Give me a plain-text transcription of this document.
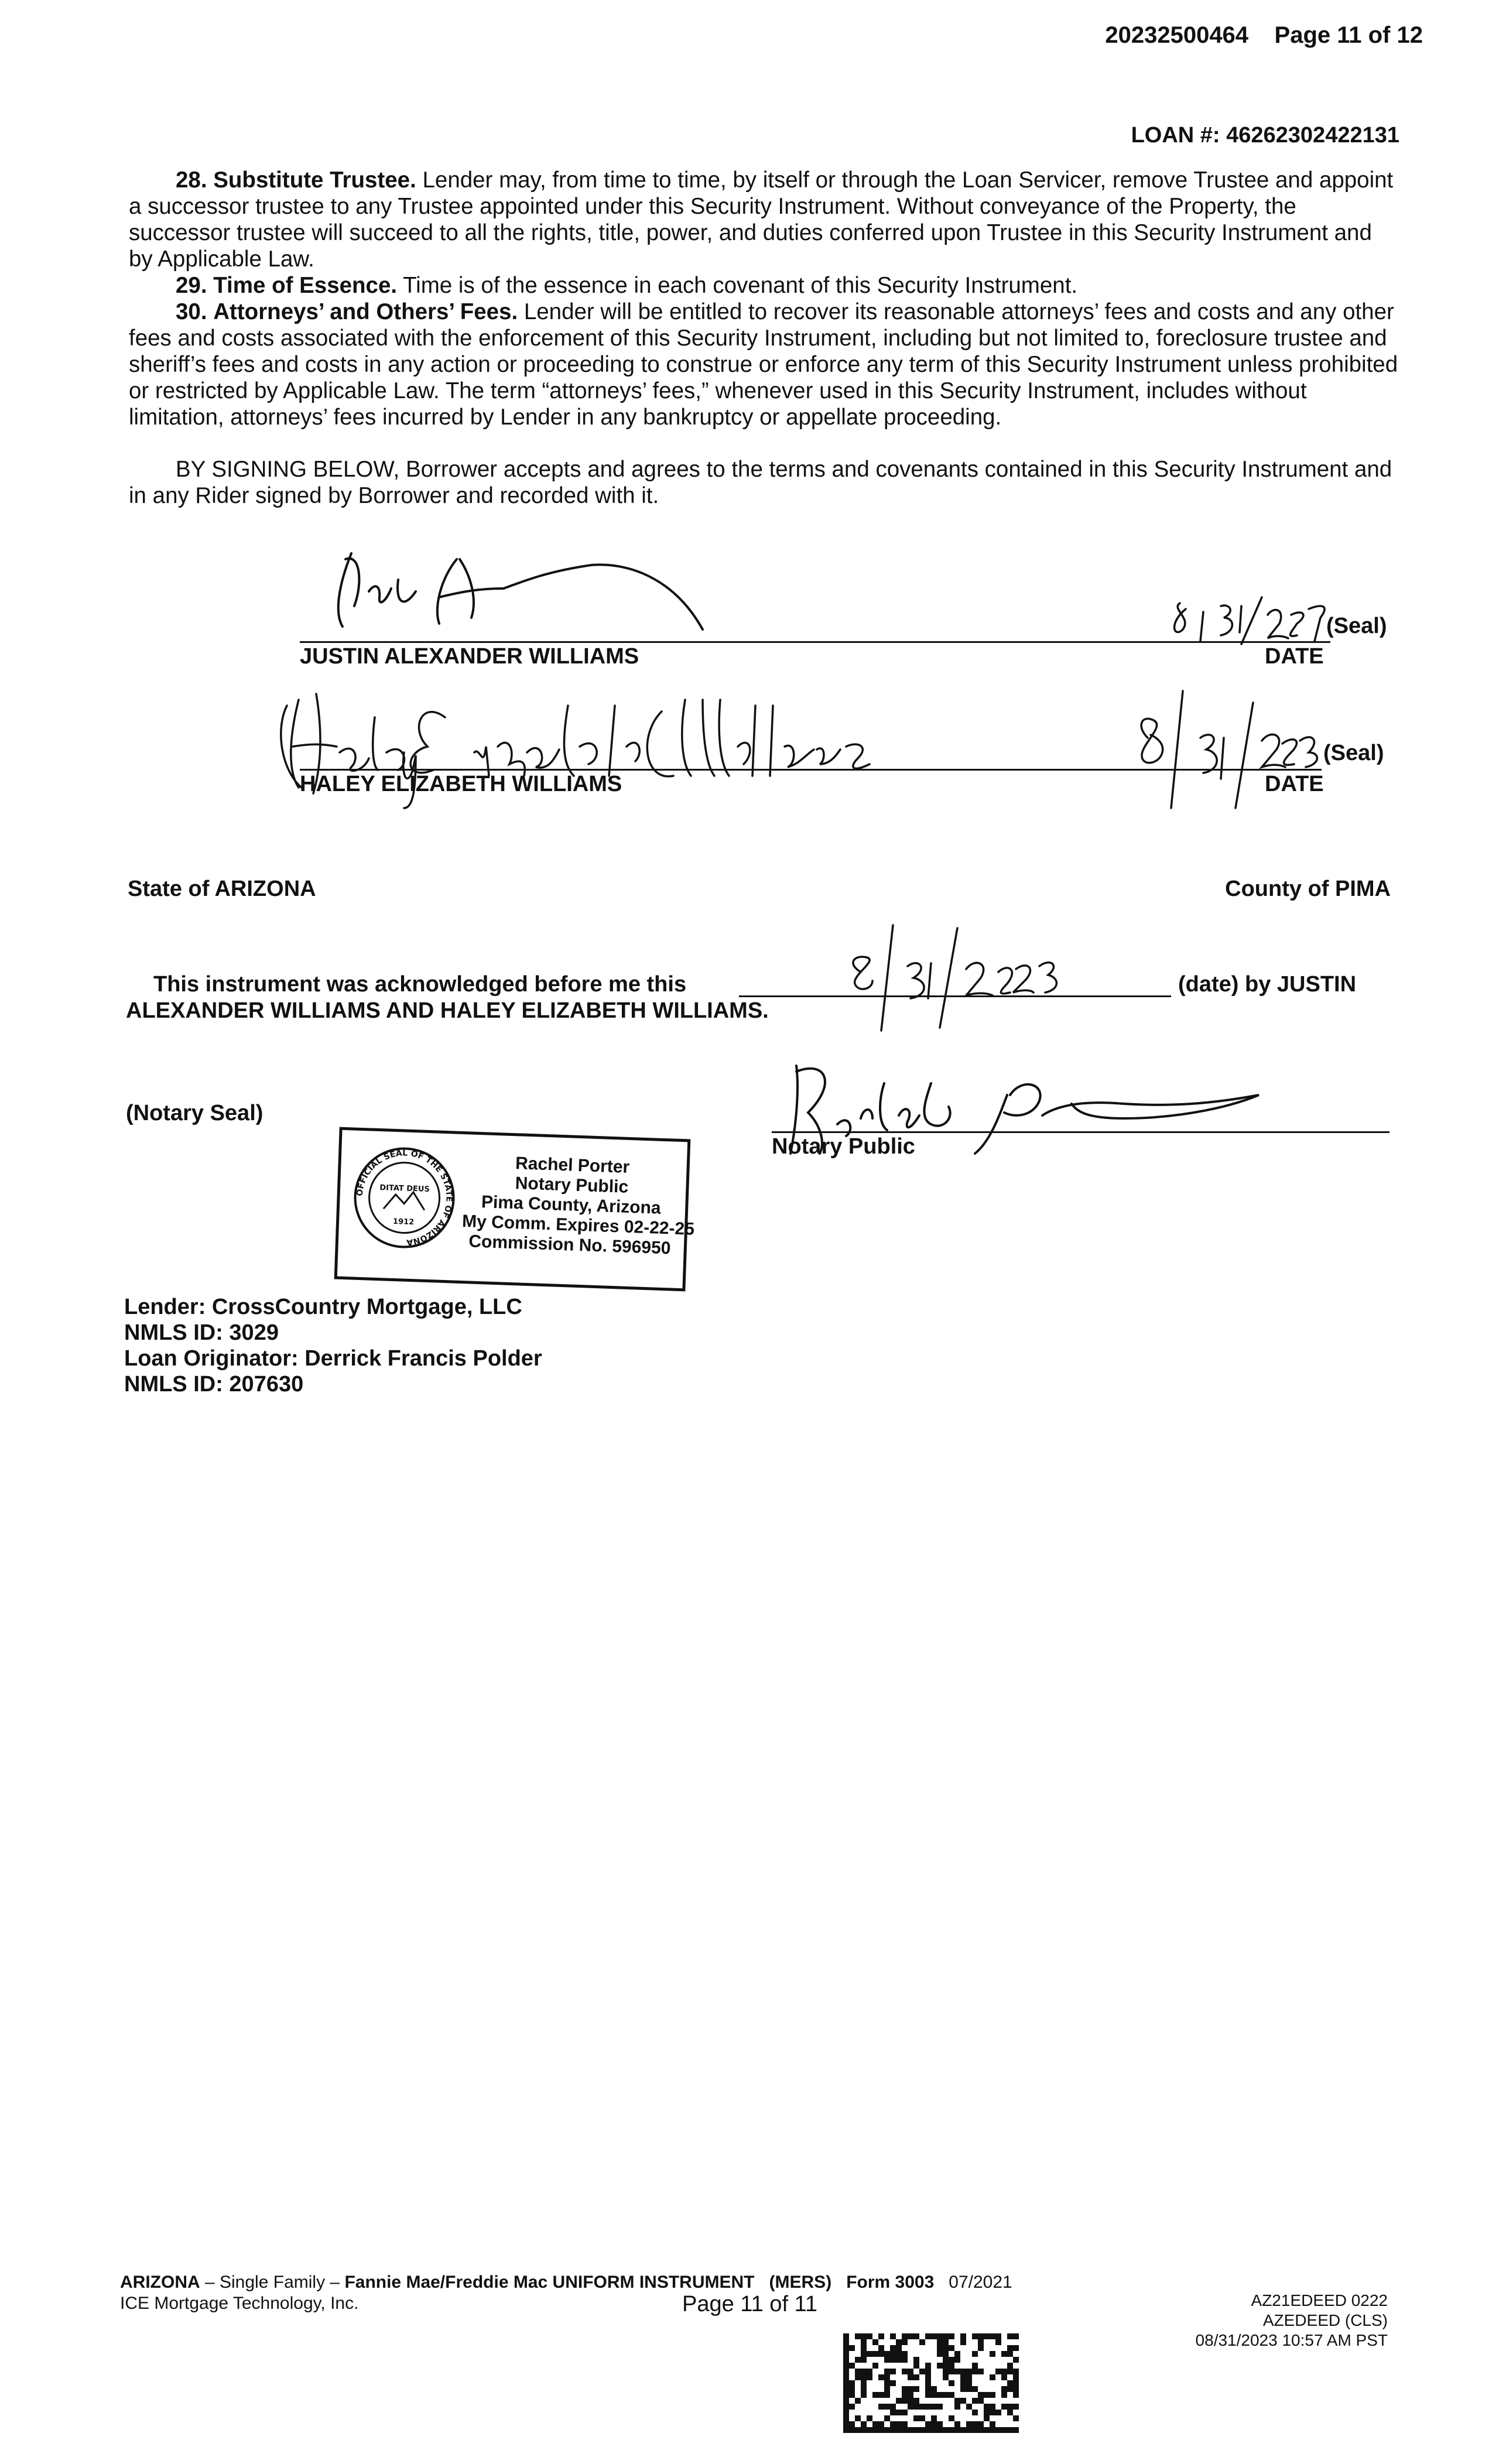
20232500464 Page 11 of 12
LOAN #: 46262302422131

28. Substitute Trustee. Lender may, from time to time, by itself or through the Loan Servicer, remove Trustee and appoint a successor trustee to any Trustee appointed under this Security Instrument. Without conveyance of the Property, the successor trustee will succeed to all the rights, title, power, and duties conferred upon Trustee in this Security Instrument and by Applicable Law.

29. Time of Essence. Time is of the essence in each covenant of this Security Instrument.

30. Attorneys’ and Others’ Fees. Lender will be entitled to recover its reasonable attorneys’ fees and costs and any other fees and costs associated with the enforcement of this Security Instrument, including but not limited to, foreclosure trustee and sheriff’s fees and costs in any action or proceeding to construe or enforce any term of this Security Instrument unless prohibited or restricted by Applicable Law. The term “attorneys’ fees,” whenever used in this Security Instrument, includes without limitation, attorneys’ fees incurred by Lender in any bankruptcy or appellate proceeding.

BY SIGNING BELOW, Borrower accepts and agrees to the terms and covenants contained in this Security Instrument and in any Rider signed by Borrower and recorded with it.

(Seal)
JUSTIN ALEXANDER WILLIAMS	DATE
(Seal)
HALEY ELIZABETH WILLIAMS	DATE
State of ARIZONA	County of PIMA
This instrument was acknowledged before me this	(date) by JUSTIN
ALEXANDER WILLIAMS AND HALEY ELIZABETH WILLIAMS.
(Notary Seal)
Notary Public
OFFICIAL SEAL OF THE STATE OF ARIZONA
DITAT DEUS
1912
Rachel Porter
Notary Public
Pima County, Arizona
My Comm. Expires 02-22-25
Commission No. 596950
Lender: CrossCountry Mortgage, LLC
NMLS ID: 3029
Loan Originator: Derrick Francis Polder
NMLS ID: 207630
ARIZONA – Single Family – Fannie Mae/Freddie Mac UNIFORM INSTRUMENT (MERS) Form 3003 07/2021
ICE Mortgage Technology, Inc.	Page 11 of 11	AZ21EDEED 0222
AZEDEED (CLS)
08/31/2023 10:57 AM PST
